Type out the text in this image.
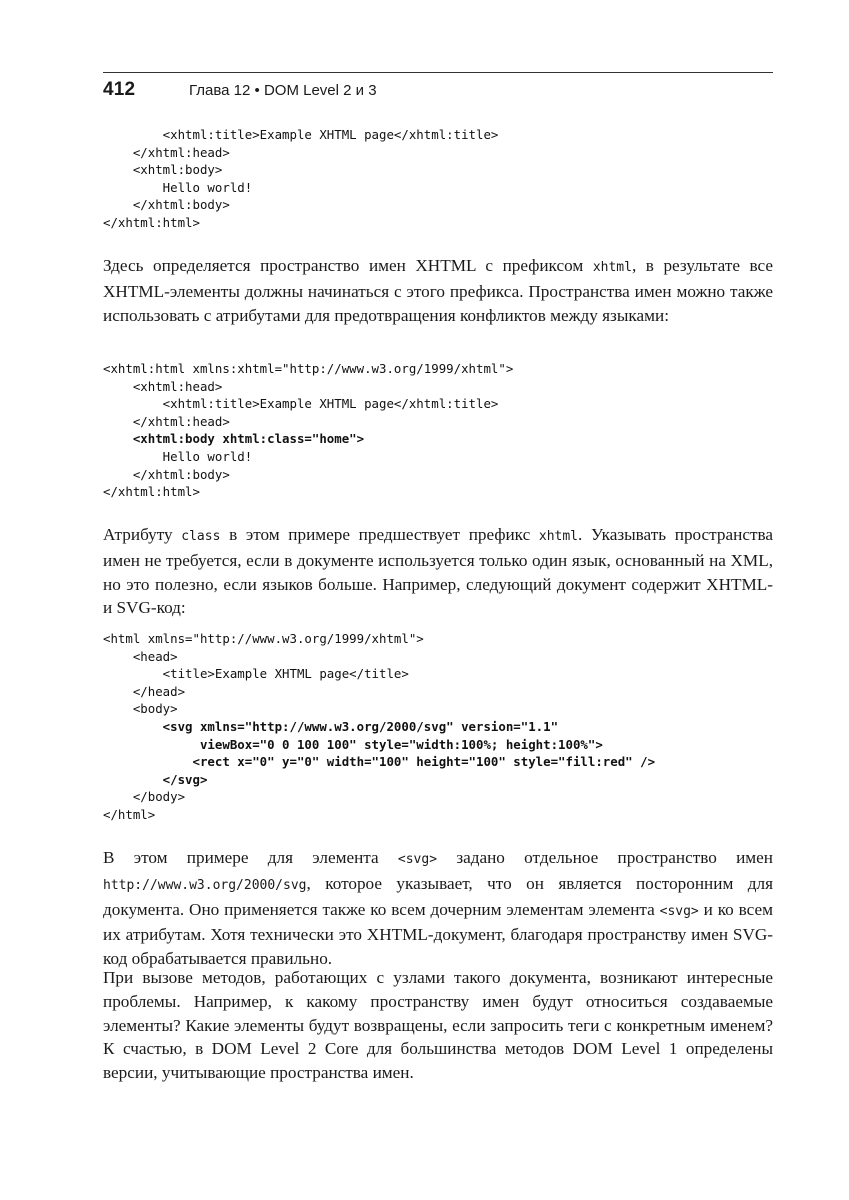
412	Глава 12 • DOM Level 2 и 3
<xhtml:title>Example XHTML page</xhtml:title>
</xhtml:head>
<xhtml:body>
Hello world!
</xhtml:body>
</xhtml:html>

Здесь определяется пространство имен XHTML с префиксом xhtml, в результате все XHTML-элементы должны начинаться с этого префикса. Пространства имен можно также использовать с атрибутами для предотвращения конфликтов между языками:

<xhtml:html xmlns:xhtml="http://www.w3.org/1999/xhtml">
<xhtml:head>
<xhtml:title>Example XHTML page</xhtml:title>
</xhtml:head>
<xhtml:body xhtml:class="home">
Hello world!
</xhtml:body>
</xhtml:html>

Атрибуту class в этом примере предшествует префикс xhtml. Указывать пространства имен не требуется, если в документе используется только один язык, основанный на XML, но это полезно, если языков больше. Например, следующий документ содержит XHTML- и SVG-код:

<html xmlns="http://www.w3.org/1999/xhtml">
<head>
<title>Example XHTML page</title>
</head>
<body>
<svg xmlns="http://www.w3.org/2000/svg" version="1.1"
viewBox="0 0 100 100" style="width:100%; height:100%">
<rect x="0" y="0" width="100" height="100" style="fill:red" />
</svg>
</body>
</html>

В этом примере для элемента <svg> задано отдельное пространство имен http://www.w3.org/2000/svg, которое указывает, что он является посторонним для документа. Оно применяется также ко всем дочерним элементам элемента <svg> и ко всем их атрибутам. Хотя технически это XHTML-документ, благодаря пространству имен SVG-код обрабатывается правильно.

При вызове методов, работающих с узлами такого документа, возникают интересные проблемы. Например, к какому пространству имен будут относиться создаваемые элементы? Какие элементы будут возвращены, если запросить теги с конкретным именем? К счастью, в DOM Level 2 Core для большинства методов DOM Level 1 определены версии, учитывающие пространства имен.
